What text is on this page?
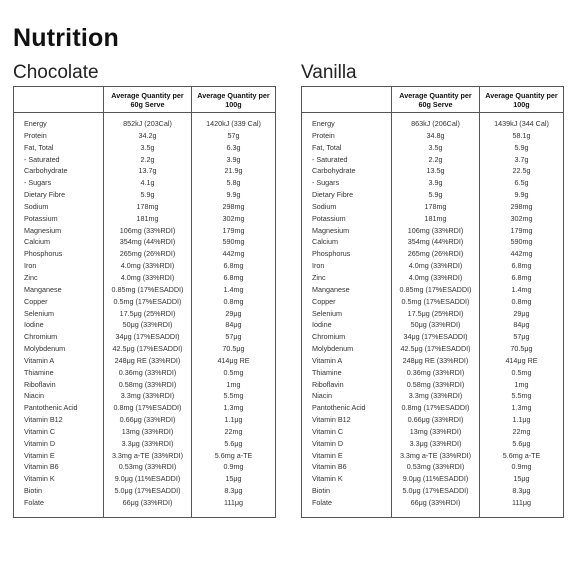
Nutrition
Chocolate
	Average Quantity per 60g Serve	Average Quantity per 100g
Energy	852kJ (203Cal)	1420kJ (339 Cal)
Protein	34.2g	57g
Fat, Total	3.5g	6.3g
- Saturated	2.2g	3.9g
Carbohydrate	13.7g	21.9g
- Sugars	4.1g	5.8g
Dietary Fibre	5.9g	9.9g
Sodium	178mg	298mg
Potassium	181mg	302mg
Magnesium	106mg (33%RDI)	179mg
Calcium	354mg (44%RDI)	590mg
Phosphorus	265mg (26%RDI)	442mg
Iron	4.0mg (33%RDI)	6.8mg
Zinc	4.0mg (33%RDI)	6.8mg
Manganese	0.85mg (17%ESADDI)	1.4mg
Copper	0.5mg (17%ESADDI)	0.8mg
Selenium	17.5μg (25%RDI)	29μg
Iodine	50μg (33%RDI)	84μg
Chromium	34μg (17%ESADDI)	57μg
Molybdenum	42.5μg (17%ESADDI)	70.5μg
Vitamin A	248μg RE (33%RDI)	414μg RE
Thiamine	0.36mg (33%RDI)	0.5mg
Riboflavin	0.58mg (33%RDI)	1mg
Niacin	3.3mg (33%RDI)	5.5mg
Pantothenic Acid	0.8mg (17%ESADDI)	1.3mg
Vitamin B12	0.66μg (33%RDI)	1.1μg
Vitamin C	13mg (33%RDI)	22mg
Vitamin D	3.3μg (33%RDI)	5.6μg
Vitamin E	3.3mg a-TE (33%RDI)	5.6mg a-TE
Vitamin B6	0.53mg (33%RDI)	0.9mg
Vitamin K	9.0μg (11%ESADDI)	15μg
Biotin	5.0μg (17%ESADDI)	8.3μg
Folate	66μg (33%RDI)	111μg
Vanilla
	Average Quantity per 60g Serve	Average Quantity per 100g
Energy	863kJ (206Cal)	1439kJ (344 Cal)
Protein	34.8g	58.1g
Fat, Total	3.5g	5.9g
- Saturated	2.2g	3.7g
Carbohydrate	13.5g	22.5g
- Sugars	3.9g	6.5g
Dietary Fibre	5.9g	9.9g
Sodium	178mg	298mg
Potassium	181mg	302mg
Magnesium	106mg (33%RDI)	179mg
Calcium	354mg (44%RDI)	590mg
Phosphorus	265mg (26%RDI)	442mg
Iron	4.0mg (33%RDI)	6.8mg
Zinc	4.0mg (33%RDI)	6.8mg
Manganese	0.85mg (17%ESADDI)	1.4mg
Copper	0.5mg (17%ESADDI)	0.8mg
Selenium	17.5μg (25%RDI)	29μg
Iodine	50μg (33%RDI)	84μg
Chromium	34μg (17%ESADDI)	57μg
Molybdenum	42.5μg (17%ESADDI)	70.5μg
Vitamin A	248μg RE (33%RDI)	414μg RE
Thiamine	0.36mg (33%RDI)	0.5mg
Riboflavin	0.58mg (33%RDI)	1mg
Niacin	3.3mg (33%RDI)	5.5mg
Pantothenic Acid	0.8mg (17%ESADDI)	1.3mg
Vitamin B12	0.66μg (33%RDI)	1.1μg
Vitamin C	13mg (33%RDI)	22mg
Vitamin D	3.3μg (33%RDI)	5.6μg
Vitamin E	3.3mg a-TE (33%RDI)	5.6mg a-TE
Vitamin B6	0.53mg (33%RDI)	0.9mg
Vitamin K	9.0μg (11%ESADDI)	15μg
Biotin	5.0μg (17%ESADDI)	8.3μg
Folate	66μg (33%RDI)	111μg
